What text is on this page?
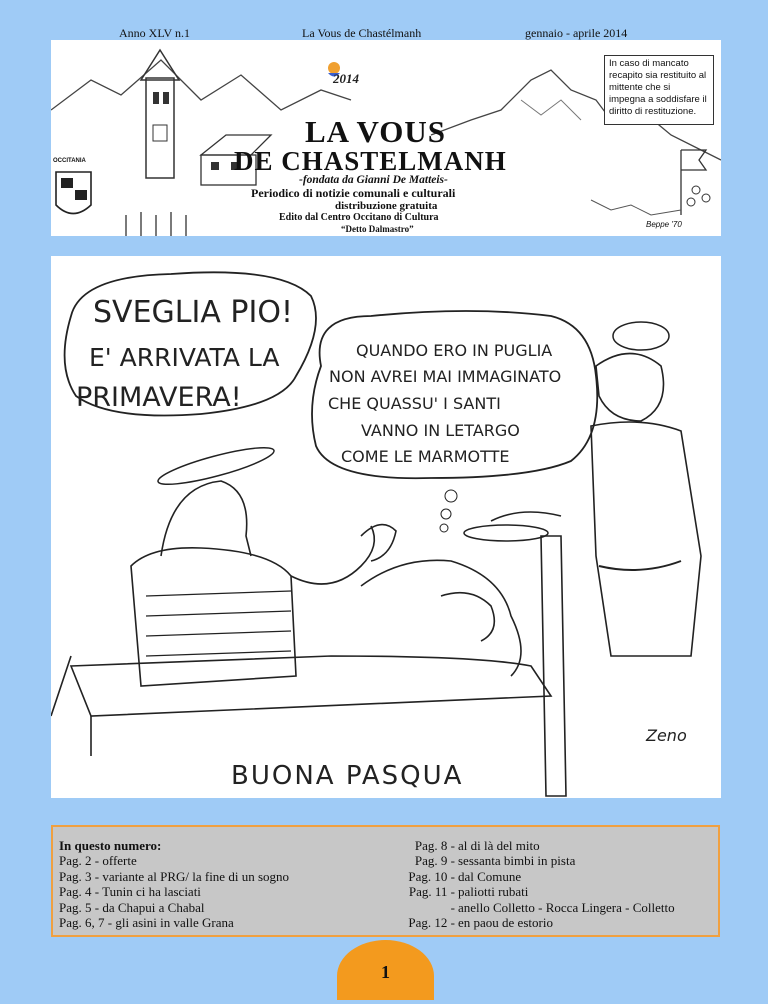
Anno XLV n.1	La Vous de Chastélmanh	gennaio - aprile 2014
2014
LA VOUS
DE CHASTELMANH
-fondata da Gianni De Matteis-
Periodico di notizie comunali e culturali
distribuzione gratuita
Edito dal Centro Occitano di Cultura
“Detto Dalmastro”
In caso di mancato recapito sia restituito al mittente che si impegna a soddisfare il diritto di restituzione.
OCCITANIA
Beppe '70
SVEGLIA PIO!
E' ARRIVATA LA
PRIMAVERA!
QUANDO ERO IN PUGLIA
NON AVREI MAI IMMAGINATO
CHE QUASSU' I SANTI
VANNO IN LETARGO
COME LE MARMOTTE
BUONA PASQUA
Zeno
In questo numero:
Pag. 2 - offerte
Pag. 3 - variante al PRG/ la fine di un sogno
Pag. 4 - Tunin ci ha lasciati
Pag. 5 - da Chapui a Chabal
Pag. 6, 7 - gli asini in valle Grana
Pag. 8 - al di là del mito
Pag. 9 - sessanta bimbi in pista
Pag. 10 - dal Comune
Pag. 11 - paliotti rubati
- anello Colletto - Rocca Lingera - Colletto
Pag. 12 - en paou de estorio
1
